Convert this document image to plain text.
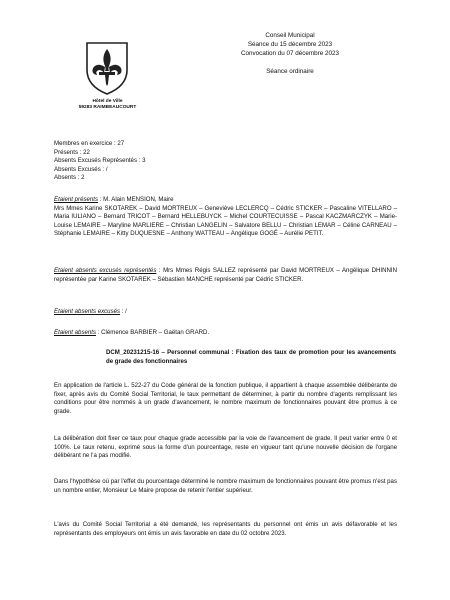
Hôtel de Ville
59283 RAIMBEAUCOURT
Conseil Municipal
Séance du 15 décembre 2023
Convocation du 07 décembre 2023
Séance ordinaire
Membres en exercice : 27
Présents : 22
Absents Excusés Représentés : 3
Absents Excusés : /
Absents : 2
Etaient présents : M. Alain MENSION, Maire
Mrs Mmes Karine SKOTAREK – David MORTREUX – Geneviève LECLERCQ – Cédric STICKER – Pascaline VITELLARO – Maria IULIANO – Bernard TRICOT – Bernard HELLEBUYCK – Michel COURTECUISSE – Pascal KACZMARCZYK – Marie-Louise LEMAIRE – Maryline MARLIERE – Christian LANGELIN – Salvatore BELLU – Christian LEMAR – Céline CARNEAU – Stéphanie LEMAIRE – Kitty DUQUESNE – Anthony WATTEAU – Angélique GOGÉ – Aurélie PETIT.
Etaient absents excusés représentés : Mrs Mmes Régis SALLEZ représenté par David MORTREUX – Angélique DHINNIN représentée par Karine SKOTAREK – Sébastien MANCHE représenté par Cédric STICKER.
Etaient absents excusés : /
Etaient absents : Clémence BARBIER – Gaëtan GRARD.
DCM_20231215-16 – Personnel communal : Fixation des taux de promotion pour les avancements de grade des fonctionnaires
En application de l'article L. 522-27 du Code général de la fonction publique, il appartient à chaque assemblée délibérante de fixer, après avis du Comité Social Territorial, le taux permettant de déterminer, à partir du nombre d'agents remplissant les conditions pour être nommés à un grade d'avancement, le nombre maximum de fonctionnaires pouvant être promus à ce grade.
La délibération doit fixer ce taux pour chaque grade accessible par la voie de l'avancement de grade. Il peut varier entre 0 et 100%. Le taux retenu, exprimé sous la forme d'un pourcentage, reste en vigueur tant qu'une nouvelle décision de l'organe délibérant ne l'a pas modifié.
Dans l'hypothèse où par l'effet du pourcentage déterminé le nombre maximum de fonctionnaires pouvant être promus n'est pas un nombre entier, Monsieur Le Maire propose de retenir l'entier supérieur.
L'avis du Comité Social Territorial a été demandé, les représentants du personnel ont émis un avis défavorable et les représentants des employeurs ont émis un avis favorable en date du 02 octobre 2023.
